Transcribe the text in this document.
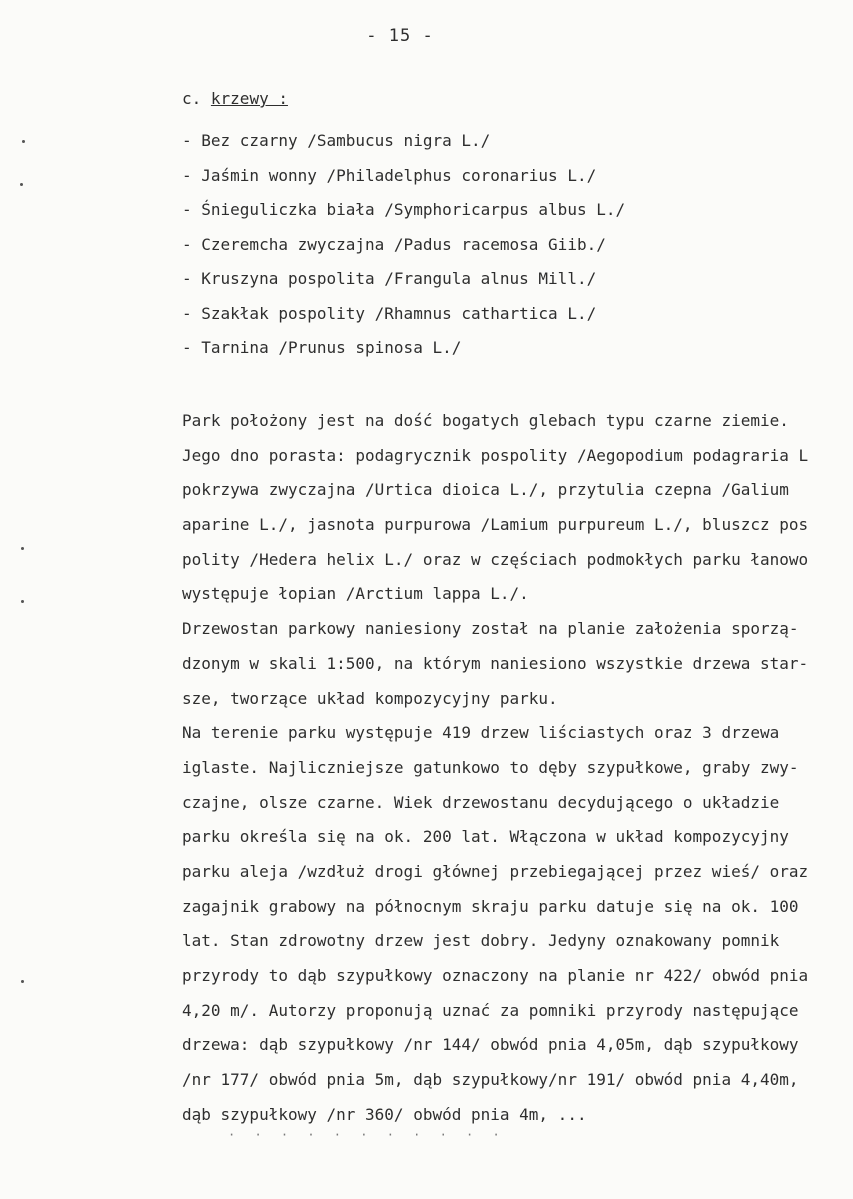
- 15 -
c. krzewy :
- Bez czarny /Sambucus nigra L./
- Jaśmin wonny /Philadelphus coronarius L./
- Śnieguliczka biała /Symphoricarpus albus L./
- Czeremcha zwyczajna /Padus racemosa Giib./
- Kruszyna pospolita /Frangula alnus Mill./
- Szakłak pospolity /Rhamnus cathartica L./
- Tarnina /Prunus spinosa L./
Park położony jest na dość bogatych glebach typu czarne ziemie.
Jego dno porasta: podagrycznik pospolity /Aegopodium podagraria L
pokrzywa zwyczajna /Urtica dioica L./, przytulia czepna /Galium
aparine L./, jasnota purpurowa /Lamium purpureum L./, bluszcz pos
polity /Hedera helix L./ oraz w częściach podmokłych parku łanowo
występuje łopian /Arctium lappa L./.
Drzewostan parkowy naniesiony został na planie założenia sporzą-
dzonym w skali 1:500, na którym naniesiono wszystkie drzewa star-
sze, tworzące układ kompozycyjny parku.
Na terenie parku występuje 419 drzew liściastych oraz 3 drzewa
iglaste. Najliczniejsze gatunkowo to dęby szypułkowe, graby zwy-
czajne, olsze czarne. Wiek drzewostanu decydującego o układzie
parku określa się na ok. 200 lat. Włączona w układ kompozycyjny
parku aleja /wzdłuż drogi głównej przebiegającej przez wieś/ oraz
zagajnik grabowy na północnym skraju parku datuje się na ok. 100
lat. Stan zdrowotny drzew jest dobry. Jedyny oznakowany pomnik
przyrody to dąb szypułkowy oznaczony na planie nr 422/ obwód pnia
4,20 m/. Autorzy proponują uznać za pomniki przyrody następujące
drzewa: dąb szypułkowy /nr 144/ obwód pnia 4,05m, dąb szypułkowy
/nr 177/ obwód pnia 5m, dąb szypułkowy/nr 191/ obwód pnia 4,40m,
dąb szypułkowy /nr 360/ obwód pnia 4m, ...
· · · · · · · · · · ·
